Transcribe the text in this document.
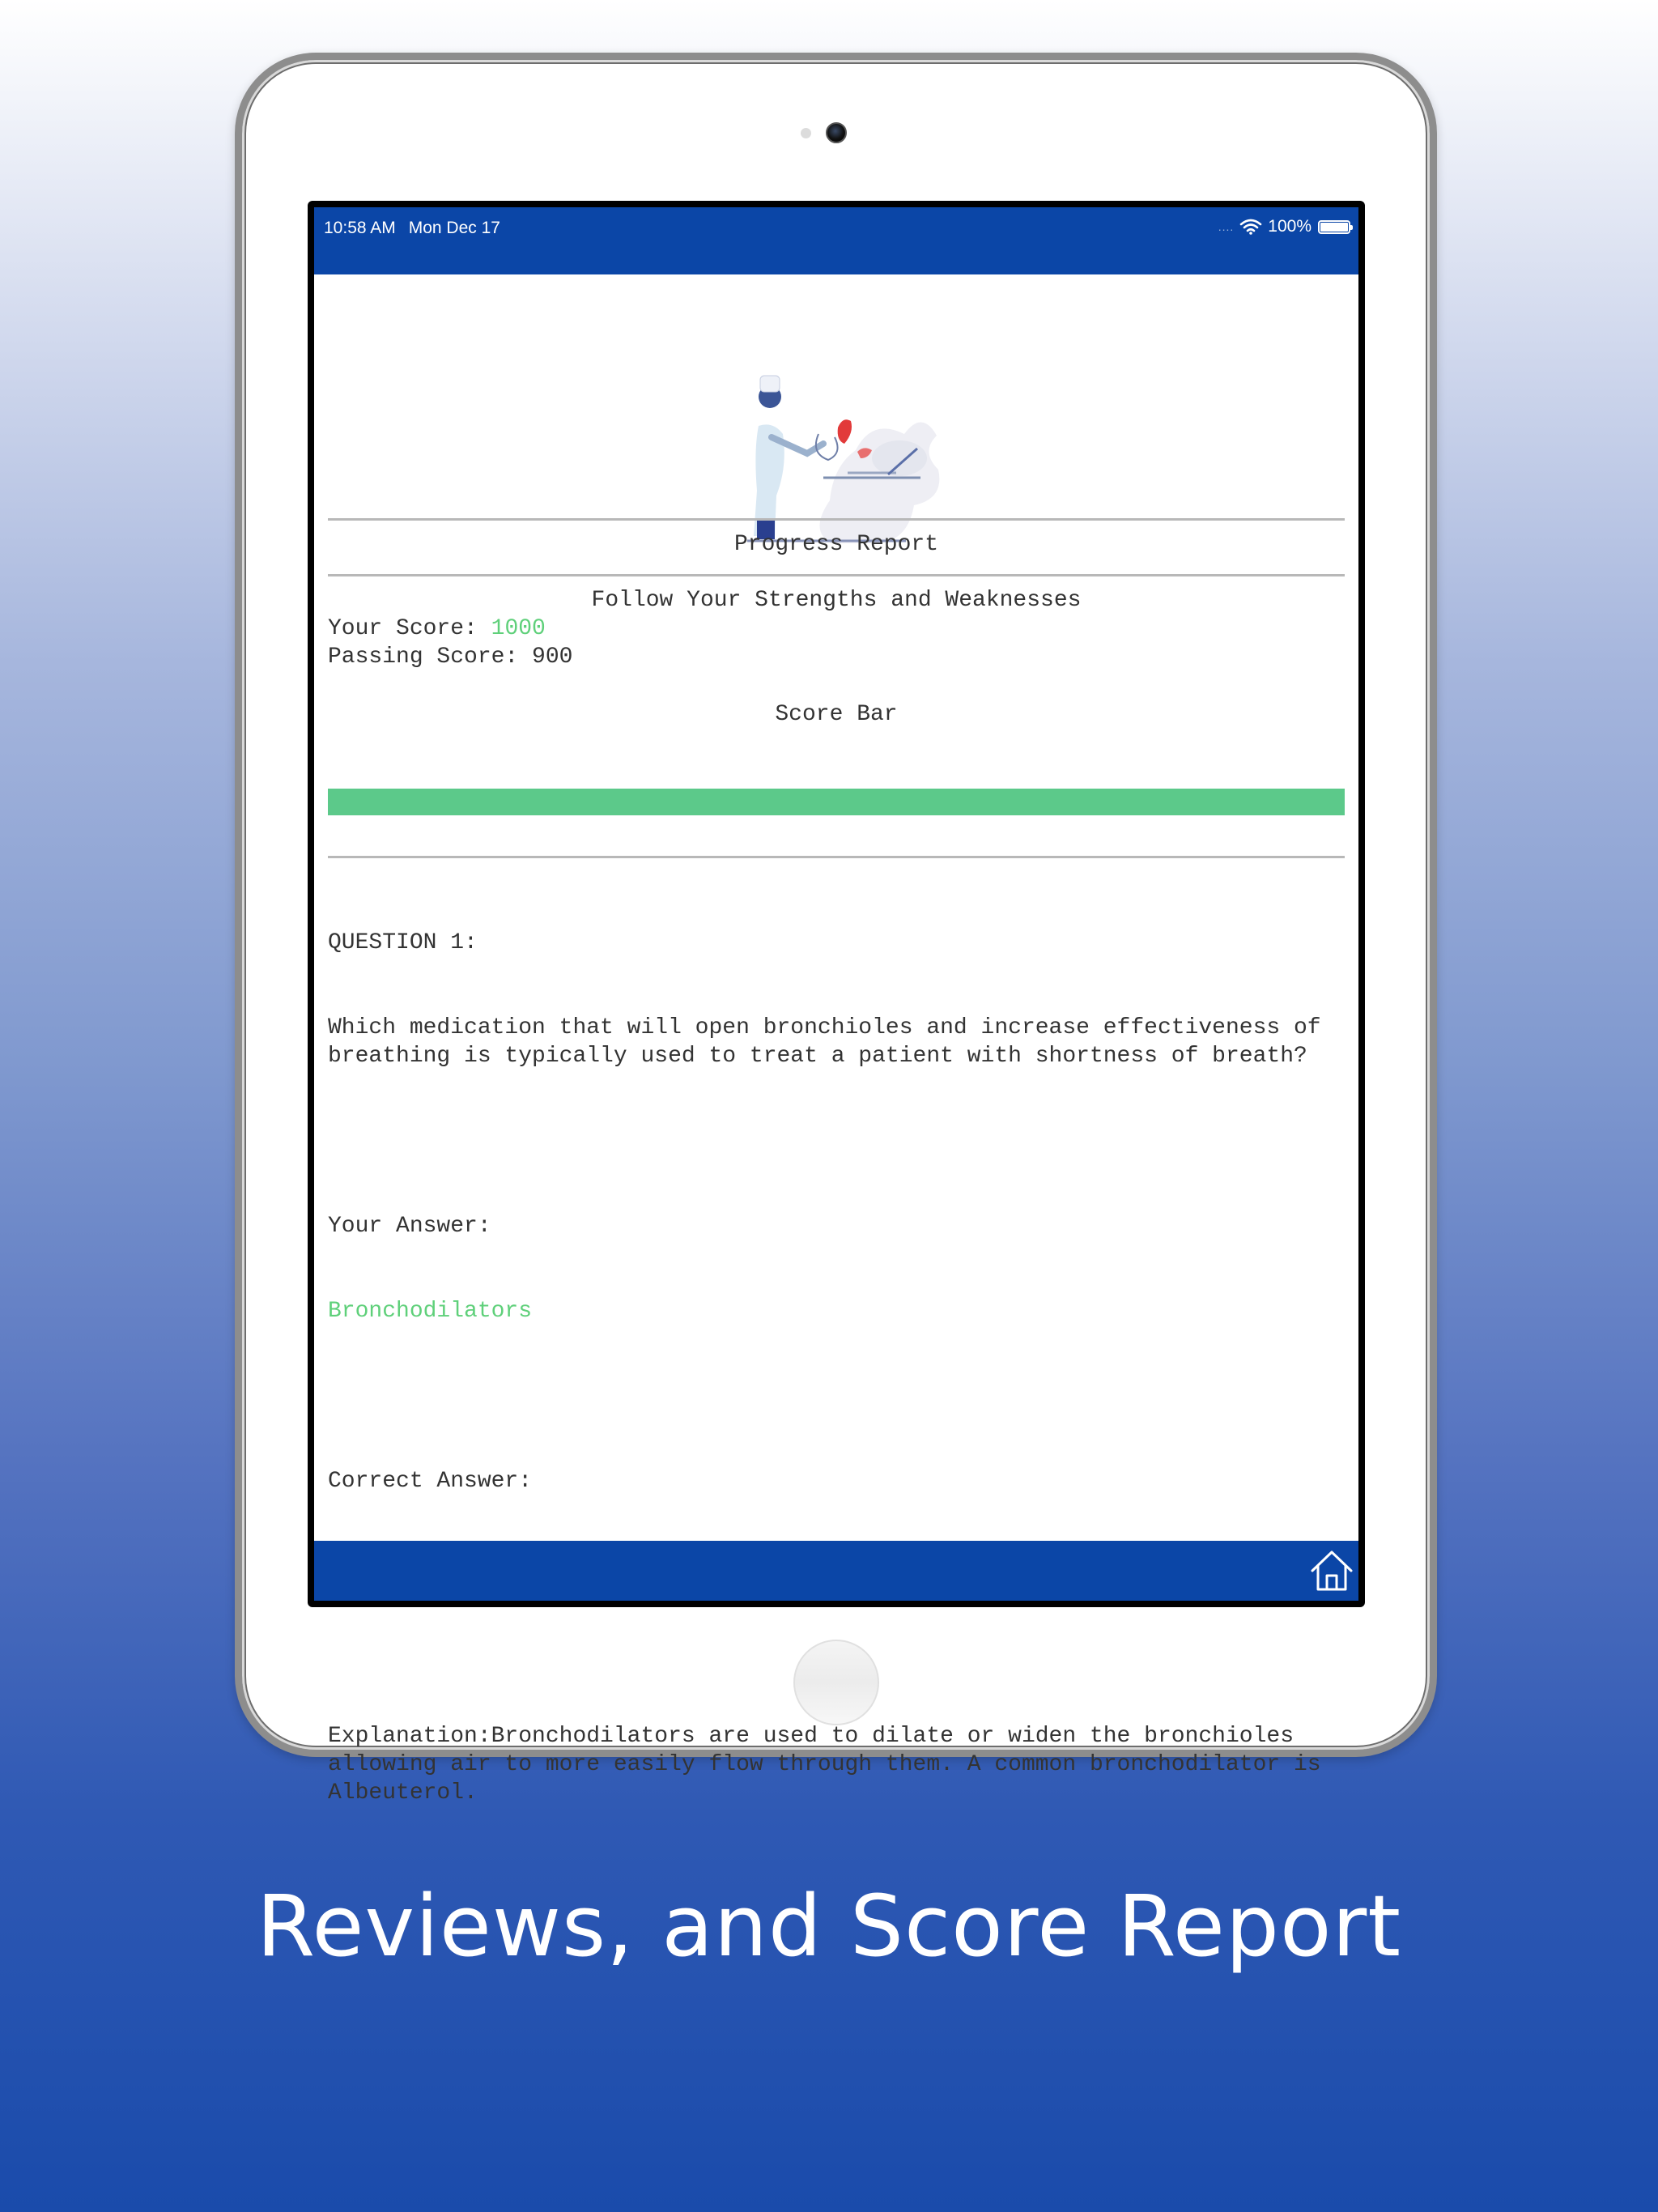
10:58 AM Mon Dec 17	.... 100%
Progress Report
Follow Your Strengths and Weaknesses
Your Score: 1000
Passing Score: 900
Score Bar

QUESTION 1:

Which medication that will open bronchioles and increase effectiveness of breathing is typically used to treat a patient with shortness of breath?

Your Answer:

Bronchodilators

Correct Answer:

Explanation:Bronchodilators are used to dilate or widen the bronchioles allowing air to more easily flow through them. A common bronchodilator is Albeuterol.

Reviews, and Score Report
